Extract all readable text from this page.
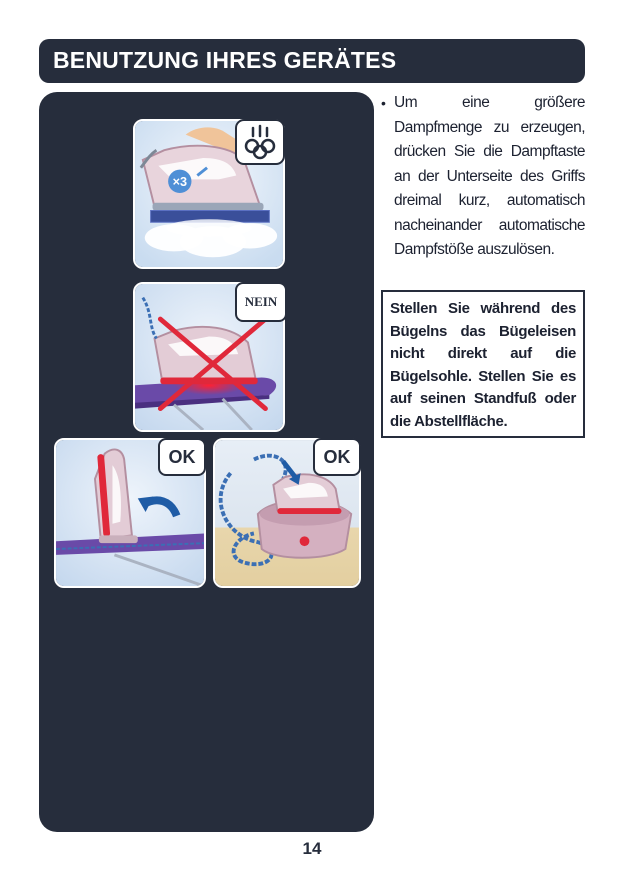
BENUTZUNG IHRES GERÄTES
×3
NEIN
OK	OK
• Um eine größere Dampfmenge zu erzeugen, drücken Sie die Dampftaste an der Unterseite des Griffs dreimal kurz, automatisch nacheinander automatische Dampfstöße auszulösen.
Stellen Sie während des Bügelns das Bügeleisen nicht direkt auf die Bügelsohle. Stellen Sie es auf seinen Standfuß oder die Abstellfläche.
14
